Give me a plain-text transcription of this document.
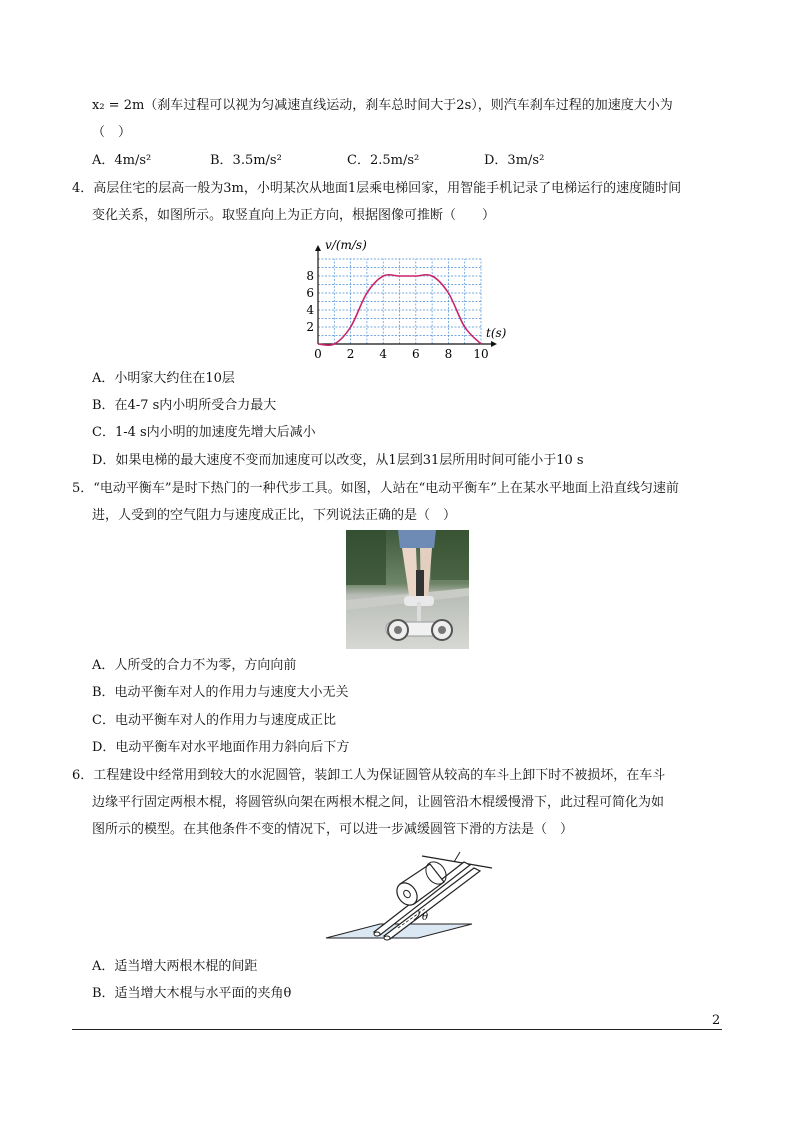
x₂ = 2m（刹车过程可以视为匀减速直线运动，刹车总时间大于2s），则汽车刹车过程的加速度大小为
（　）
A．4m/s²	B．3.5m/s²	C．2.5m/s²	D．3m/s²
4．高层住宅的层高一般为3m，小明某次从地面1层乘电梯回家，用智能手机记录了电梯运行的速度随时间
变化关系，如图所示。取竖直向上为正方向，根据图像可推断（　　）
0 2 4 6 8 10
2
4
6
8
v/(m/s)
t(s)
A．小明家大约住在10层
B．在4-7 s内小明所受合力最大
C．1-4 s内小明的加速度先增大后减小
D．如果电梯的最大速度不变而加速度可以改变，从1层到31层所用时间可能小于10 s
5．“电动平衡车”是时下热门的一种代步工具。如图，人站在“电动平衡车”上在某水平地面上沿直线匀速前
进，人受到的空气阻力与速度成正比，下列说法正确的是（　）
A．人所受的合力不为零，方向向前
B．电动平衡车对人的作用力与速度大小无关
C．电动平衡车对人的作用力与速度成正比
D．电动平衡车对水平地面作用力斜向后下方
6．工程建设中经常用到较大的水泥圆管，装卸工人为保证圆管从较高的车斗上卸下时不被损坏，在车斗
边缘平行固定两根木棍，将圆管纵向架在两根木棍之间，让圆管沿木棍缓慢滑下，此过程可简化为如
图所示的模型。在其他条件不变的情况下，可以进一步减缓圆管下滑的方法是（　）
θ
A．适当增大两根木棍的间距
B．适当增大木棍与水平面的夹角θ
2
